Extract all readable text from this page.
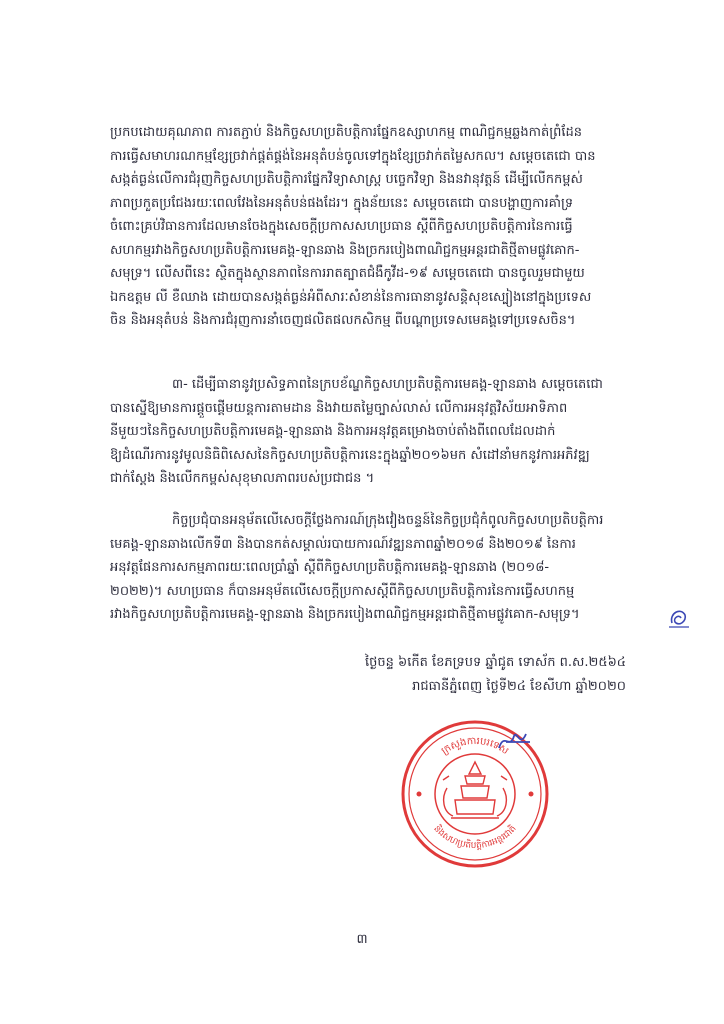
ប្រកបដោយគុណភាព ការតភ្ជាប់ និងកិច្ចសហប្រតិបត្តិការផ្នែកឧស្សាហកម្ម ពាណិជ្ជកម្មឆ្លងកាត់ព្រំដែន
ការធ្វើសមាហរណកម្មខ្សែច្រវាក់ផ្គត់ផ្គង់នៃអនុតំបន់ចូលទៅក្នុងខ្សែច្រវាក់តម្លៃសកល។ សម្ដេចតេជោ បាន
សង្កត់ធ្ងន់លើការជំរុញកិច្ចសហប្រតិបត្តិការផ្នែកវិទ្យាសាស្ត្រ បច្ចេកវិទ្យា និងនវានុវត្តន៍ ដើម្បីលើកកម្ពស់
ភាពប្រកួតប្រជែងរយៈពេលវែងនៃអនុតំបន់ផងដែរ។ ក្នុងន័យនេះ សម្ដេចតេជោ បានបង្ហាញការគាំទ្រ
ចំពោះគ្រប់វិធានការដែលមានចែងក្នុងសេចក្ដីប្រកាសសហប្រធាន ស្ដីពីកិច្ចសហប្រតិបត្តិការនៃការធ្វើ
សហកម្មរវាងកិច្ចសហប្រតិបត្តិការមេគង្គ-ឡានឆាង និងច្រករបៀងពាណិជ្ជកម្មអន្តរជាតិថ្មីតាមផ្លូវគោក-
សមុទ្រ។ លើសពីនេះ ស្ថិតក្នុងស្ថានភាពនៃការរាតត្បាតជំងឺកូវីដ-១៩ សម្ដេចតេជោ បានចូលរួមជាមួយ
ឯកឧត្ដម លី ខឺឈាង ដោយបានសង្កត់ធ្ងន់អំពីសារៈសំខាន់នៃការធានានូវសន្តិសុខស្បៀងនៅក្នុងប្រទេស
ចិន និងអនុតំបន់ និងការជំរុញការនាំចេញផលិតផលកសិកម្ម ពីបណ្ដាប្រទេសមេគង្គទៅប្រទេសចិន។
៣- ដើម្បីធានានូវប្រសិទ្ធភាពនៃក្របខ័ណ្ឌកិច្ចសហប្រតិបត្តិការមេគង្គ-ឡានឆាង សម្ដេចតេជោ
បានស្នើឱ្យមានការផ្ដួចផ្ដើមយន្តការតាមដាន និងវាយតម្លៃច្បាស់លាស់ លើការអនុវត្តវិស័យអាទិភាព
នីមួយៗនៃកិច្ចសហប្រតិបត្តិការមេគង្គ-ឡានឆាង និងការអនុវត្តគម្រោងចាប់តាំងពីពេលដែលដាក់
ឱ្យដំណើរការនូវមូលនិធិពិសេសនៃកិច្ចសហប្រតិបត្តិការនេះក្នុងឆ្នាំ២០១៦មក សំដៅនាំមកនូវការអភិវឌ្ឍ
ជាក់ស្ដែង និងលើកកម្ពស់សុខុមាលភាពរបស់ប្រជាជន ។
កិច្ចប្រជុំបានអនុម័តលើសេចក្ដីថ្លែងការណ៍ក្រុងវៀងចន្ទន៍នៃកិច្ចប្រជុំកំពូលកិច្ចសហប្រតិបត្តិការ
មេគង្គ-ឡានឆាងលើកទី៣ និងបានកត់សម្គាល់របាយការណ៍វឌ្ឍនភាពឆ្នាំ២០១៨ និង២០១៩ នៃការ
អនុវត្តផែនការសកម្មភាពរយៈពេលប្រាំឆ្នាំ ស្ដីពីកិច្ចសហប្រតិបត្តិការមេគង្គ-ឡានឆាង (២០១៨-
២០២២)។ សហប្រធាន ក៏បានអនុម័តលើសេចក្ដីប្រកាសស្ដីពីកិច្ចសហប្រតិបត្តិការនៃការធ្វើសហកម្ម
រវាងកិច្ចសហប្រតិបត្តិការមេគង្គ-ឡានឆាង និងច្រករបៀងពាណិជ្ជកម្មអន្តរជាតិថ្មីតាមផ្លូវគោក-សមុទ្រ។
ថ្ងៃចន្ទ ៦កើត ខែភទ្របទ ឆ្នាំជូត ទោស័ក ព.ស.២៥៦៤
រាជធានីភ្នំពេញ ថ្ងៃទី២៤ ខែសីហា ឆ្នាំ២០២០
ក្រសួងការបរទេស
និងសហប្រតិបត្តិការអន្តរជាតិ
៣
